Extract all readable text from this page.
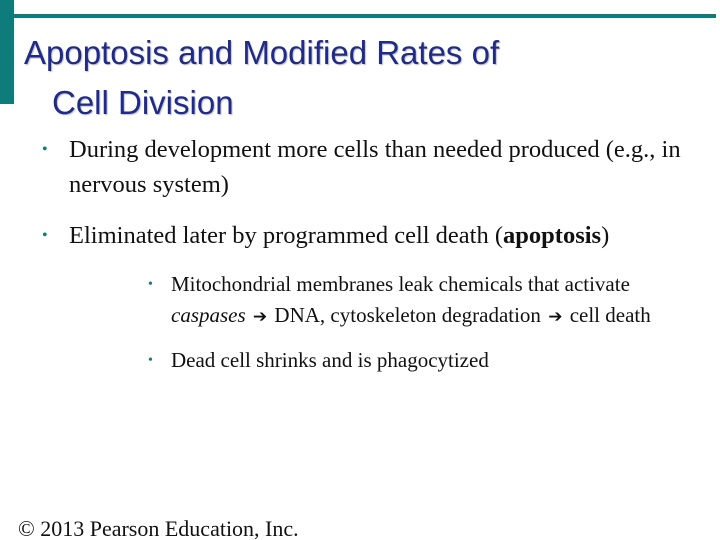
Apoptosis and Modified Rates of
Cell Division
• During development more cells than needed produced (e.g., in nervous system)
• Eliminated later by programmed cell death (apoptosis)
• Mitochondrial membranes leak chemicals that activate caspases ➔ DNA, cytoskeleton degradation ➔ cell death
• Dead cell shrinks and is phagocytized
© 2013 Pearson Education, Inc.
